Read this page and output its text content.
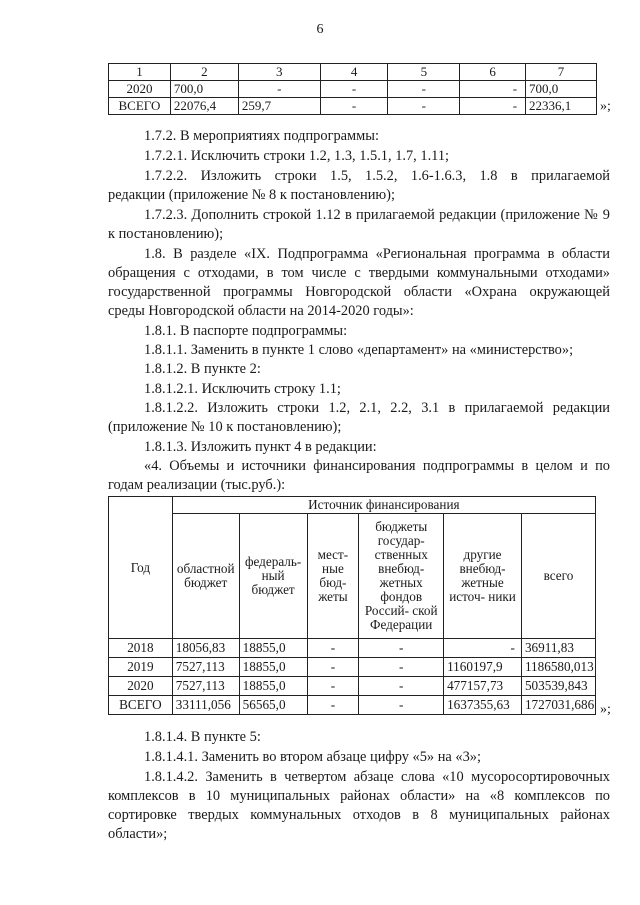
6
1	2	3	4	5	6	7
2020	700,0	-	-	-	-	700,0
ВСЕГО	22076,4	259,7	-	-	-	22336,1 »;
1.7.2. В мероприятиях подпрограммы:
1.7.2.1. Исключить строки 1.2, 1.3, 1.5.1, 1.7, 1.11;
1.7.2.2. Изложить строки 1.5, 1.5.2, 1.6-1.6.3, 1.8 в прилагаемой
редакции (приложение № 8 к постановлению);
1.7.2.3. Дополнить строкой 1.12 в прилагаемой редакции (приложение № 9
к постановлению);
1.8. В разделе «IX. Подпрограмма «Региональная программа в области
обращения с отходами, в том числе с твердыми коммунальными отходами»
государственной программы Новгородской области «Охрана окружающей
среды Новгородской области на 2014-2020 годы»:
1.8.1. В паспорте подпрограммы:
1.8.1.1. Заменить в пункте 1 слово «департамент» на «министерство»;
1.8.1.2. В пункте 2:
1.8.1.2.1. Исключить строку 1.1;
1.8.1.2.2. Изложить строки 1.2, 2.1, 2.2, 3.1 в прилагаемой редакции
(приложение № 10 к постановлению);
1.8.1.3. Изложить пункт 4 в редакции:
«4. Объемы и источники финансирования подпрограммы в целом и по
годам реализации (тыс.руб.):
Год	Источник финансирования					
	областной бюджет	федераль- ный бюджет	мест- ные бюд- жеты	бюджеты государ- ственных внебюд- жетных фондов Россий- ской Федерации	другие внебюд- жетные источ- ники	всего
2018	18056,83	18855,0	-	-	-	36911,83
2019	7527,113	18855,0	-	-	1160197,9	1186580,013
2020	7527,113	18855,0	-	-	477157,73	503539,843
ВСЕГО	33111,056	56565,0	-	-	1637355,63	1727031,686 »;
1.8.1.4. В пункте 5:
1.8.1.4.1. Заменить во втором абзаце цифру «5» на «3»;
1.8.1.4.2. Заменить в четвертом абзаце слова «10 мусоросортировочных
комплексов в 10 муниципальных районах области» на «8 комплексов по
сортировке твердых коммунальных отходов в 8 муниципальных районах
области»;
